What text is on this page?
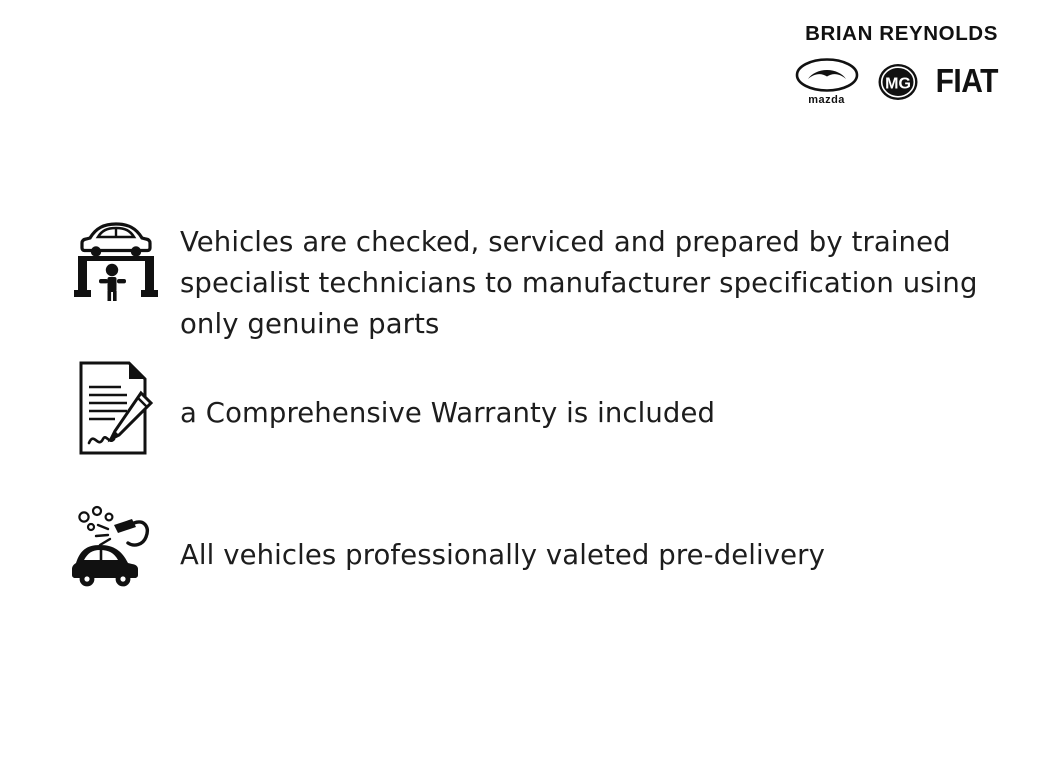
BRIAN REYNOLDS
mazda
MG FIAT
Vehicles are checked, serviced and prepared by trained specialist technicians to manufacturer specification using only genuine parts
a Comprehensive Warranty is included
All vehicles professionally valeted pre-delivery
